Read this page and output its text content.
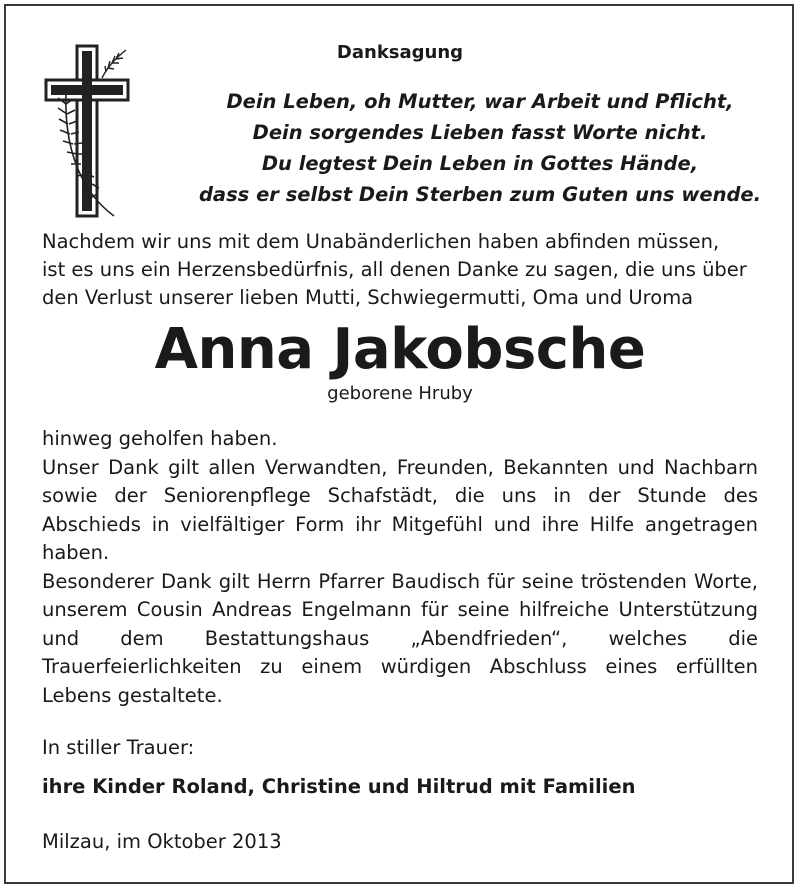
Danksagung
Dein Leben, oh Mutter, war Arbeit und Pflicht,
Dein sorgendes Lieben fasst Worte nicht.
Du legtest Dein Leben in Gottes Hände,
dass er selbst Dein Sterben zum Guten uns wende.
Nachdem wir uns mit dem Unabänderlichen haben abfinden müssen,
ist es uns ein Herzensbedürfnis, all denen Danke zu sagen, die uns über
den Verlust unserer lieben Mutti, Schwiegermutti, Oma und Uroma
Anna Jakobsche
geborene Hruby

hinweg geholfen haben.

Unser Dank gilt allen Verwandten, Freunden, Bekannten und Nachbarn sowie der Seniorenpflege Schafstädt, die uns in der Stunde des Abschieds in vielfältiger Form ihr Mitgefühl und ihre Hilfe angetragen haben.

Besonderer Dank gilt Herrn Pfarrer Baudisch für seine tröstenden Worte, unserem Cousin Andreas Engelmann für seine hilfreiche Unterstützung und dem Bestattungshaus „Abendfrieden“, welches die Trauerfeierlichkeiten zu einem würdigen Abschluss eines erfüllten Lebens gestaltete.

In stiller Trauer:
ihre Kinder Roland, Christine und Hiltrud mit Familien
Milzau, im Oktober 2013
